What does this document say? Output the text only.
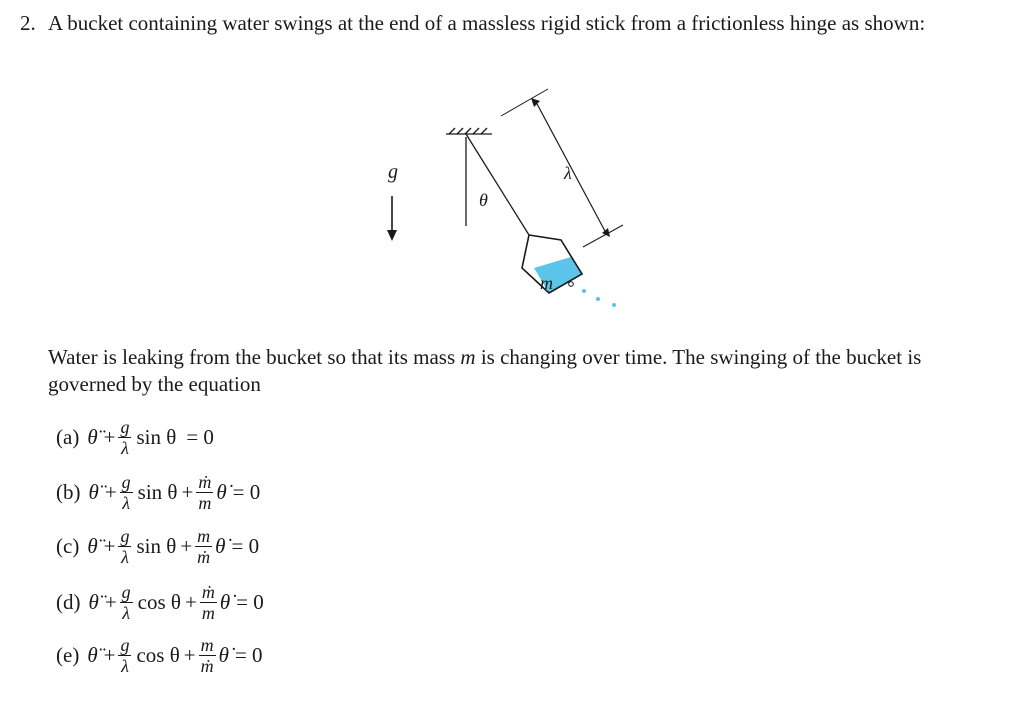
2. A bucket containing water swings at the end of a massless rigid stick from a frictionless hinge as shown:
g
θ
m
λ
Water is leaking from the bucket so that its mass m is changing over time. The swinging of the bucket is governed by the equation
(a) θ̈ + $\frac{g}{\lambda}$ sin θ = 0
(b) θ̈ + $\frac{g}{\lambda}$ $\sin \theta + \frac{\text{ṁ}}{m}$ θ̇ = 0
(c) θ̈ + $\frac{g}{\lambda}$ $\sin \theta + \frac{m}{\text{ṁ}}$ θ̇ = 0
(d) θ̈ + $\frac{g}{\lambda}$ $\cos \theta + \frac{\text{ṁ}}{m}$ θ̇ = 0
(e) θ̈ + $\frac{g}{\lambda}$ $\cos \theta + \frac{m}{\text{ṁ}}$ θ̇ = 0
